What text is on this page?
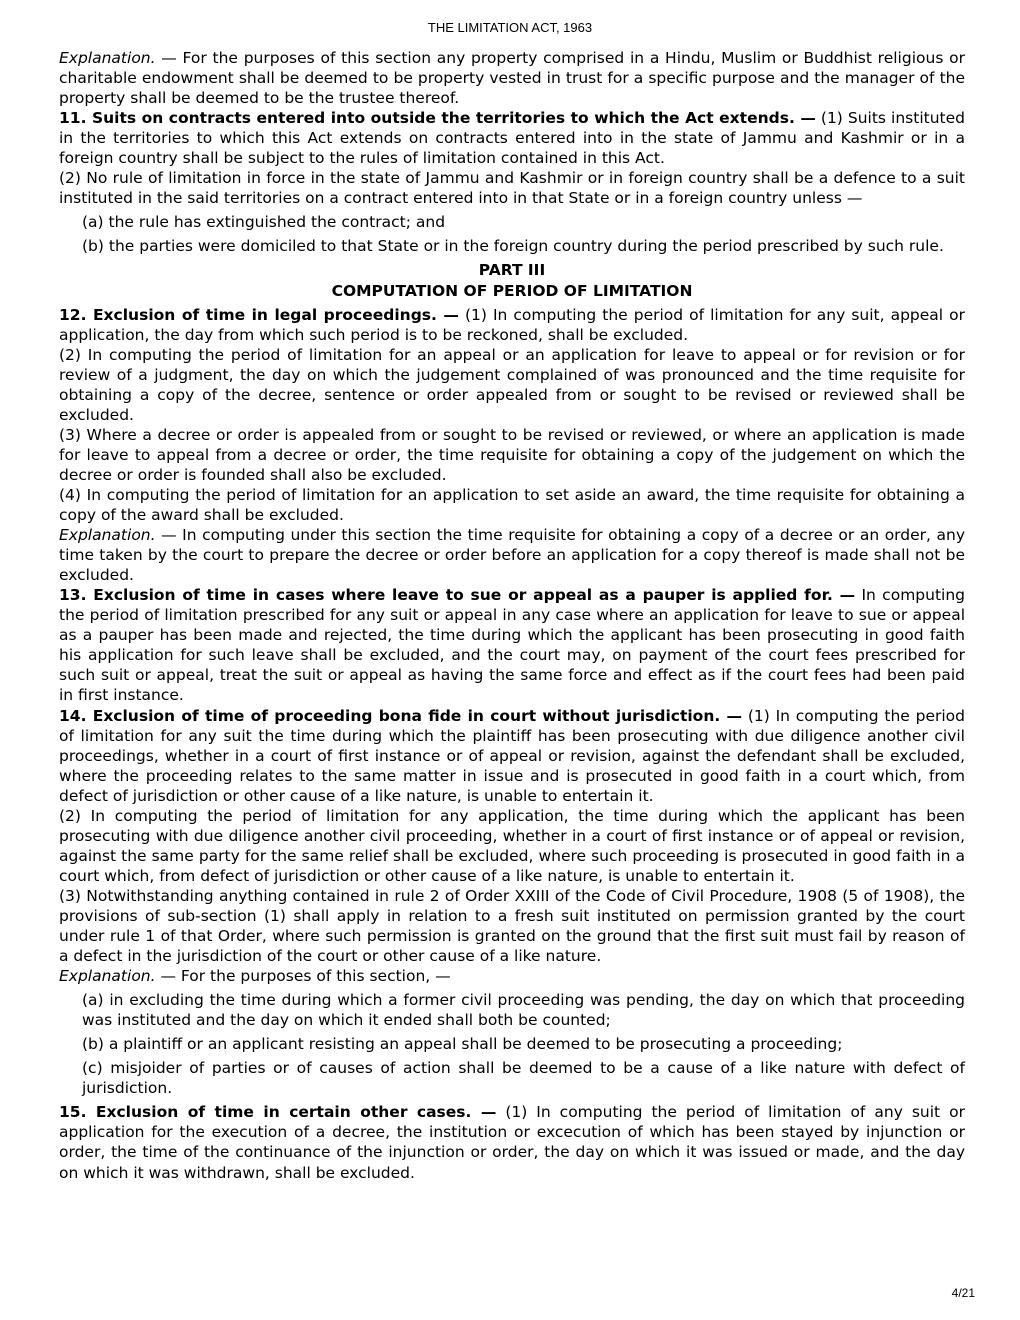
THE LIMITATION ACT, 1963

Explanation. — For the purposes of this section any property comprised in a Hindu, Muslim or Buddhist religious or charitable endowment shall be deemed to be property vested in trust for a specific purpose and the manager of the property shall be deemed to be the trustee thereof.

11. Suits on contracts entered into outside the territories to which the Act extends. — (1) Suits instituted in the territories to which this Act extends on contracts entered into in the state of Jammu and Kashmir or in a foreign country shall be subject to the rules of limitation contained in this Act.

(2) No rule of limitation in force in the state of Jammu and Kashmir or in foreign country shall be a defence to a suit instituted in the said territories on a contract entered into in that State or in a foreign country unless —

(a) the rule has extinguished the contract; and

(b) the parties were domiciled to that State or in the foreign country during the period prescribed by such rule.

PART III

COMPUTATION OF PERIOD OF LIMITATION

12. Exclusion of time in legal proceedings. — (1) In computing the period of limitation for any suit, appeal or application, the day from which such period is to be reckoned, shall be excluded.

(2) In computing the period of limitation for an appeal or an application for leave to appeal or for revision or for review of a judgment, the day on which the judgement complained of was pronounced and the time requisite for obtaining a copy of the decree, sentence or order appealed from or sought to be revised or reviewed shall be excluded.

(3) Where a decree or order is appealed from or sought to be revised or reviewed, or where an application is made for leave to appeal from a decree or order, the time requisite for obtaining a copy of the judgement on which the decree or order is founded shall also be excluded.

(4) In computing the period of limitation for an application to set aside an award, the time requisite for obtaining a copy of the award shall be excluded.

Explanation. — In computing under this section the time requisite for obtaining a copy of a decree or an order, any time taken by the court to prepare the decree or order before an application for a copy thereof is made shall not be excluded.

13. Exclusion of time in cases where leave to sue or appeal as a pauper is applied for. — In computing the period of limitation prescribed for any suit or appeal in any case where an application for leave to sue or appeal as a pauper has been made and rejected, the time during which the applicant has been prosecuting in good faith his application for such leave shall be excluded, and the court may, on payment of the court fees prescribed for such suit or appeal, treat the suit or appeal as having the same force and effect as if the court fees had been paid in first instance.

14. Exclusion of time of proceeding bona fide in court without jurisdiction. — (1) In computing the period of limitation for any suit the time during which the plaintiff has been prosecuting with due diligence another civil proceedings, whether in a court of first instance or of appeal or revision, against the defendant shall be excluded, where the proceeding relates to the same matter in issue and is prosecuted in good faith in a court which, from defect of jurisdiction or other cause of a like nature, is unable to entertain it.

(2) In computing the period of limitation for any application, the time during which the applicant has been prosecuting with due diligence another civil proceeding, whether in a court of first instance or of appeal or revision, against the same party for the same relief shall be excluded, where such proceeding is prosecuted in good faith in a court which, from defect of jurisdiction or other cause of a like nature, is unable to entertain it.

(3) Notwithstanding anything contained in rule 2 of Order XXIII of the Code of Civil Procedure, 1908 (5 of 1908), the provisions of sub-section (1) shall apply in relation to a fresh suit instituted on permission granted by the court under rule 1 of that Order, where such permission is granted on the ground that the first suit must fail by reason of a defect in the jurisdiction of the court or other cause of a like nature.

Explanation. — For the purposes of this section, —

(a) in excluding the time during which a former civil proceeding was pending, the day on which that proceeding was instituted and the day on which it ended shall both be counted;

(b) a plaintiff or an applicant resisting an appeal shall be deemed to be prosecuting a proceeding;

(c) misjoider of parties or of causes of action shall be deemed to be a cause of a like nature with defect of jurisdiction.

15. Exclusion of time in certain other cases. — (1) In computing the period of limitation of any suit or application for the execution of a decree, the institution or excecution of which has been stayed by injunction or order, the time of the continuance of the injunction or order, the day on which it was issued or made, and the day on which it was withdrawn, shall be excluded.

4/21
